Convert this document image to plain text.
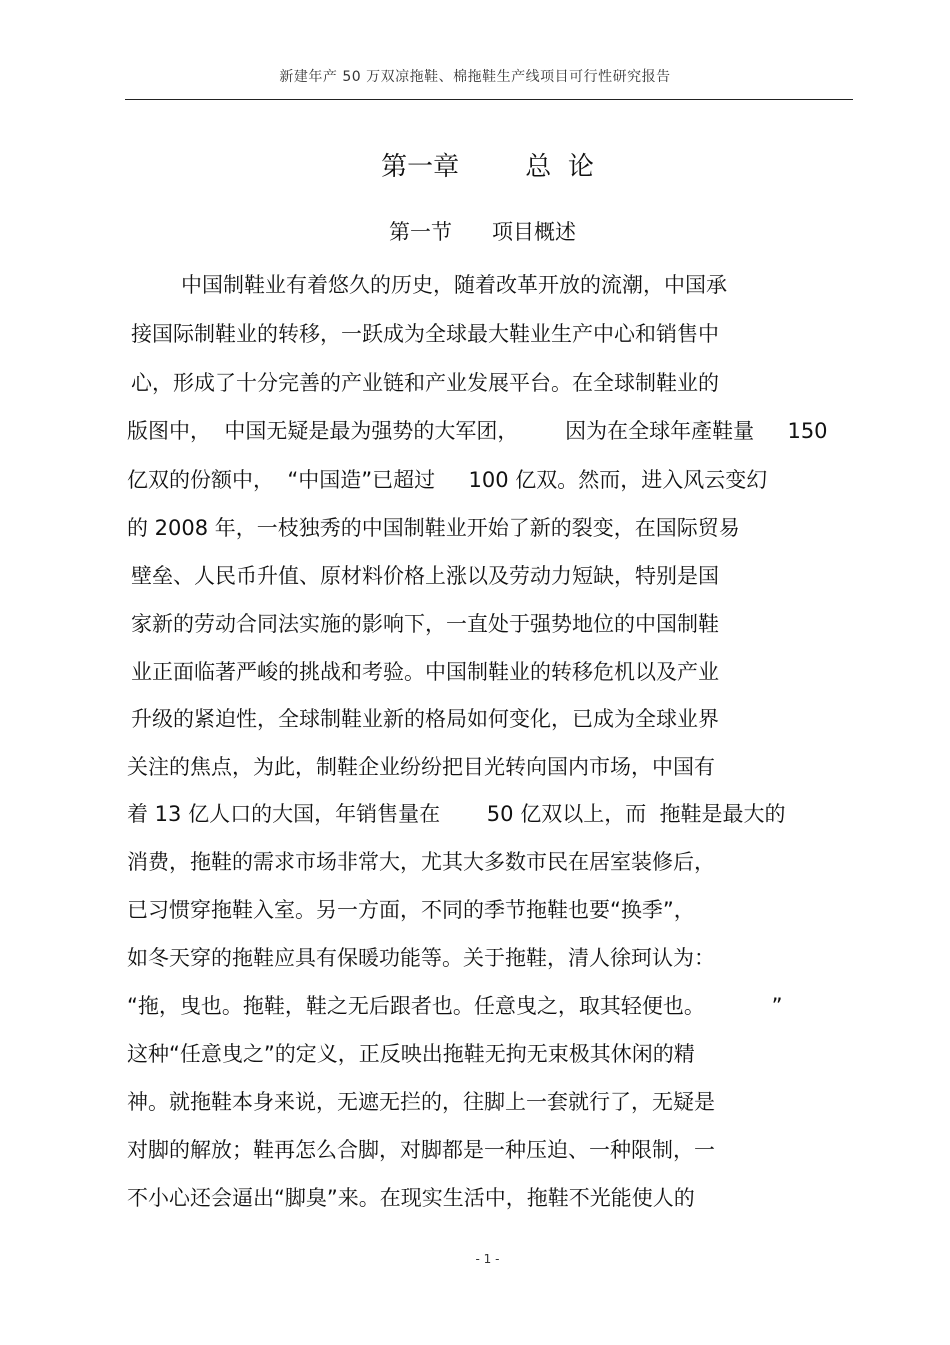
新建年产 50 万双凉拖鞋、棉拖鞋生产线项目可行性研究报告
第一章        总  论
第一节      项目概述
中国制鞋业有着悠久的历史，随着改革开放的流潮，中国承
接国际制鞋业的转移，一跃成为全球最大鞋业生产中心和销售中
心，形成了十分完善的产业链和产业发展平台。在全球制鞋业的
版图中，  中国无疑是最为强势的大军团，       因为在全球年產鞋量     150
亿双的份额中，  “中国造”已超过     100 亿双。然而，进入风云变幻
的 2008 年，一枝独秀的中国制鞋业开始了新的裂变，在国际贸易
壁垒、人民币升值、原材料价格上涨以及劳动力短缺，特别是国
家新的劳动合同法实施的影响下，一直处于强势地位的中国制鞋
业正面临著严峻的挑战和考验。中国制鞋业的转移危机以及产业
升级的紧迫性，全球制鞋业新的格局如何变化，已成为全球业界
关注的焦点，为此，制鞋企业纷纷把目光转向国内市场，中国有
着 13 亿人口的大国，年销售量在       50 亿双以上，而  拖鞋是最大的
消费，拖鞋的需求市场非常大，尤其大多数市民在居室装修后，
已习惯穿拖鞋入室。另一方面，不同的季节拖鞋也要“换季”，
如冬天穿的拖鞋应具有保暖功能等。关于拖鞋，清人徐珂认为：
“拖，曳也。拖鞋，鞋之无后跟者也。任意曳之，取其轻便也。          ”
这种“任意曳之”的定义，正反映出拖鞋无拘无束极其休闲的精
神。就拖鞋本身来说，无遮无拦的，往脚上一套就行了，无疑是
对脚的解放；鞋再怎么合脚，对脚都是一种压迫、一种限制，一
不小心还会逼出“脚臭”来。在现实生活中，拖鞋不光能使人的
- 1 -
